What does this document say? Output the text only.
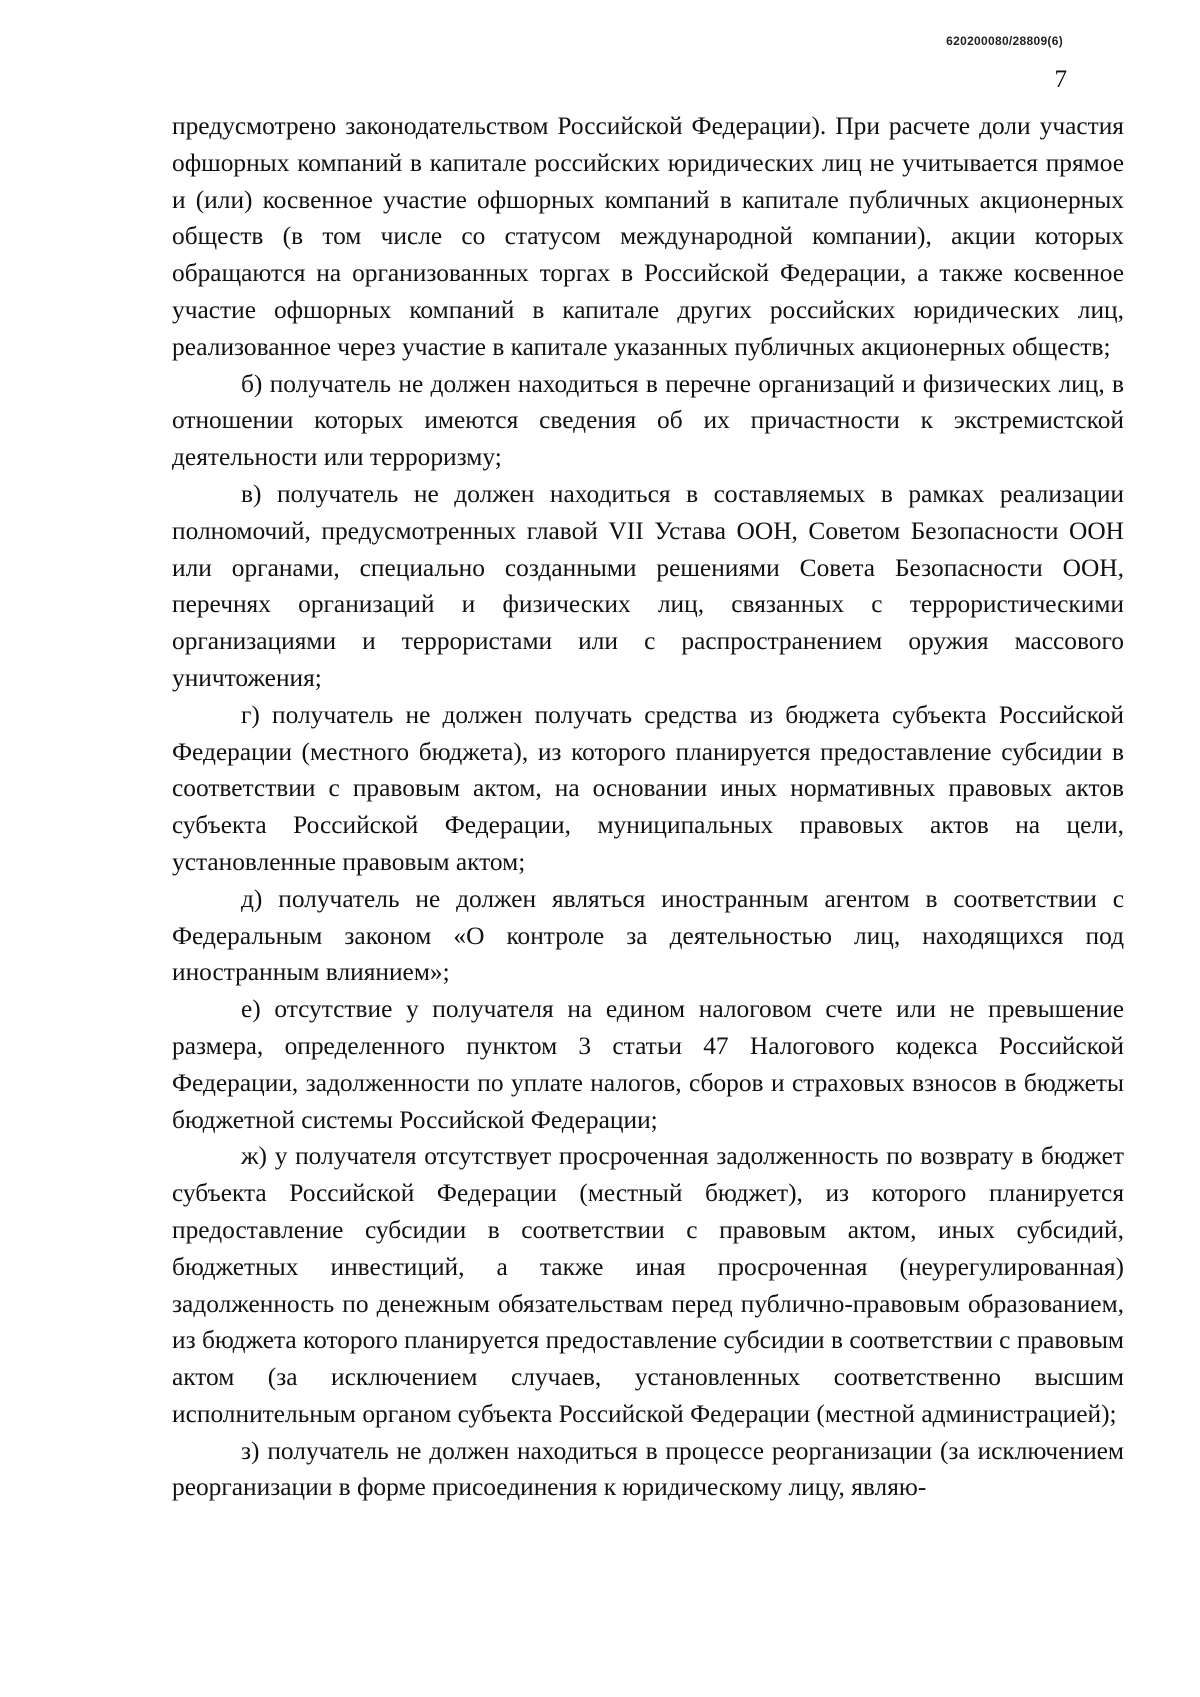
620200080/28809(6)
7

предусмотрено законодательством Российской Федерации). При расчете доли участия офшорных компаний в капитале российских юридических лиц не учитывается прямое и (или) косвенное участие офшорных компаний в капитале публичных акционерных обществ (в том числе со статусом международной компании), акции которых обращаются на организованных торгах в Российской Федерации, а также косвенное участие офшорных компаний в капитале других российских юридических лиц, реализованное через участие в капитале указанных публичных акционерных обществ;

б) получатель не должен находиться в перечне организаций и физических лиц, в отношении которых имеются сведения об их причастности к экстремистской деятельности или терроризму;

в) получатель не должен находиться в составляемых в рамках реализации полномочий, предусмотренных главой VII Устава ООН, Советом Безопасности ООН или органами, специально созданными решениями Совета Безопасности ООН, перечнях организаций и физических лиц, связанных с террористическими организациями и террористами или с распространением оружия массового уничтожения;

г) получатель не должен получать средства из бюджета субъекта Российской Федерации (местного бюджета), из которого планируется предоставление субсидии в соответствии с правовым актом, на основании иных нормативных правовых актов субъекта Российской Федерации, муниципальных правовых актов на цели, установленные правовым актом;

д) получатель не должен являться иностранным агентом в соответствии с Федеральным законом «О контроле за деятельностью лиц, находящихся под иностранным влиянием»;

е) отсутствие у получателя на едином налоговом счете или не превышение размера, определенного пунктом 3 статьи 47 Налогового кодекса Российской Федерации, задолженности по уплате налогов, сборов и страховых взносов в бюджеты бюджетной системы Российской Федерации;

ж) у получателя отсутствует просроченная задолженность по возврату в бюджет субъекта Российской Федерации (местный бюджет), из которого планируется предоставление субсидии в соответствии с правовым актом, иных субсидий, бюджетных инвестиций, а также иная просроченная (неурегулированная) задолженность по денежным обязательствам перед публично-правовым образованием, из бюджета которого планируется предоставление субсидии в соответствии с правовым актом (за исключением случаев, установленных соответственно высшим исполнительным органом субъекта Российской Федерации (местной администрацией);

з) получатель не должен находиться в процессе реорганизации (за исключением реорганизации в форме присоединения к юридическому лицу, являю-
